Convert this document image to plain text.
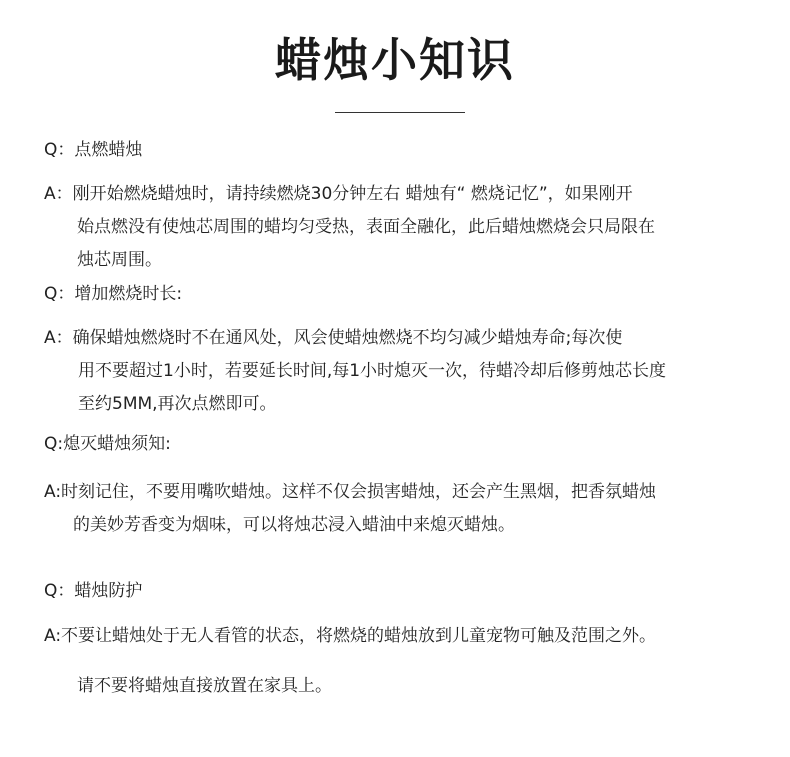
蜡烛小知识
Q：点燃蜡烛
A：刚开始燃烧蜡烛时，请持续燃烧30分钟左右 蜡烛有“ 燃烧记忆”，如果刚开
始点燃没有使烛芯周围的蜡均匀受热，表面全融化，此后蜡烛燃烧会只局限在
烛芯周围。
Q：增加燃烧时长:
A：确保蜡烛燃烧时不在通风处，风会使蜡烛燃烧不均匀减少蜡烛寿命;每次使
用不要超过1小时，若要延长时间,每1小时熄灭一次，待蜡冷却后修剪烛芯长度
至约5MM,再次点燃即可。
Q:熄灭蜡烛须知:
A:时刻记住，不要用嘴吹蜡烛。这样不仅会损害蜡烛，还会产生黑烟，把香氛蜡烛
的美妙芳香变为烟味，可以将烛芯浸入蜡油中来熄灭蜡烛。
Q：蜡烛防护
A:不要让蜡烛处于无人看管的状态，将燃烧的蜡烛放到儿童宠物可触及范围之外。
请不要将蜡烛直接放置在家具上。
